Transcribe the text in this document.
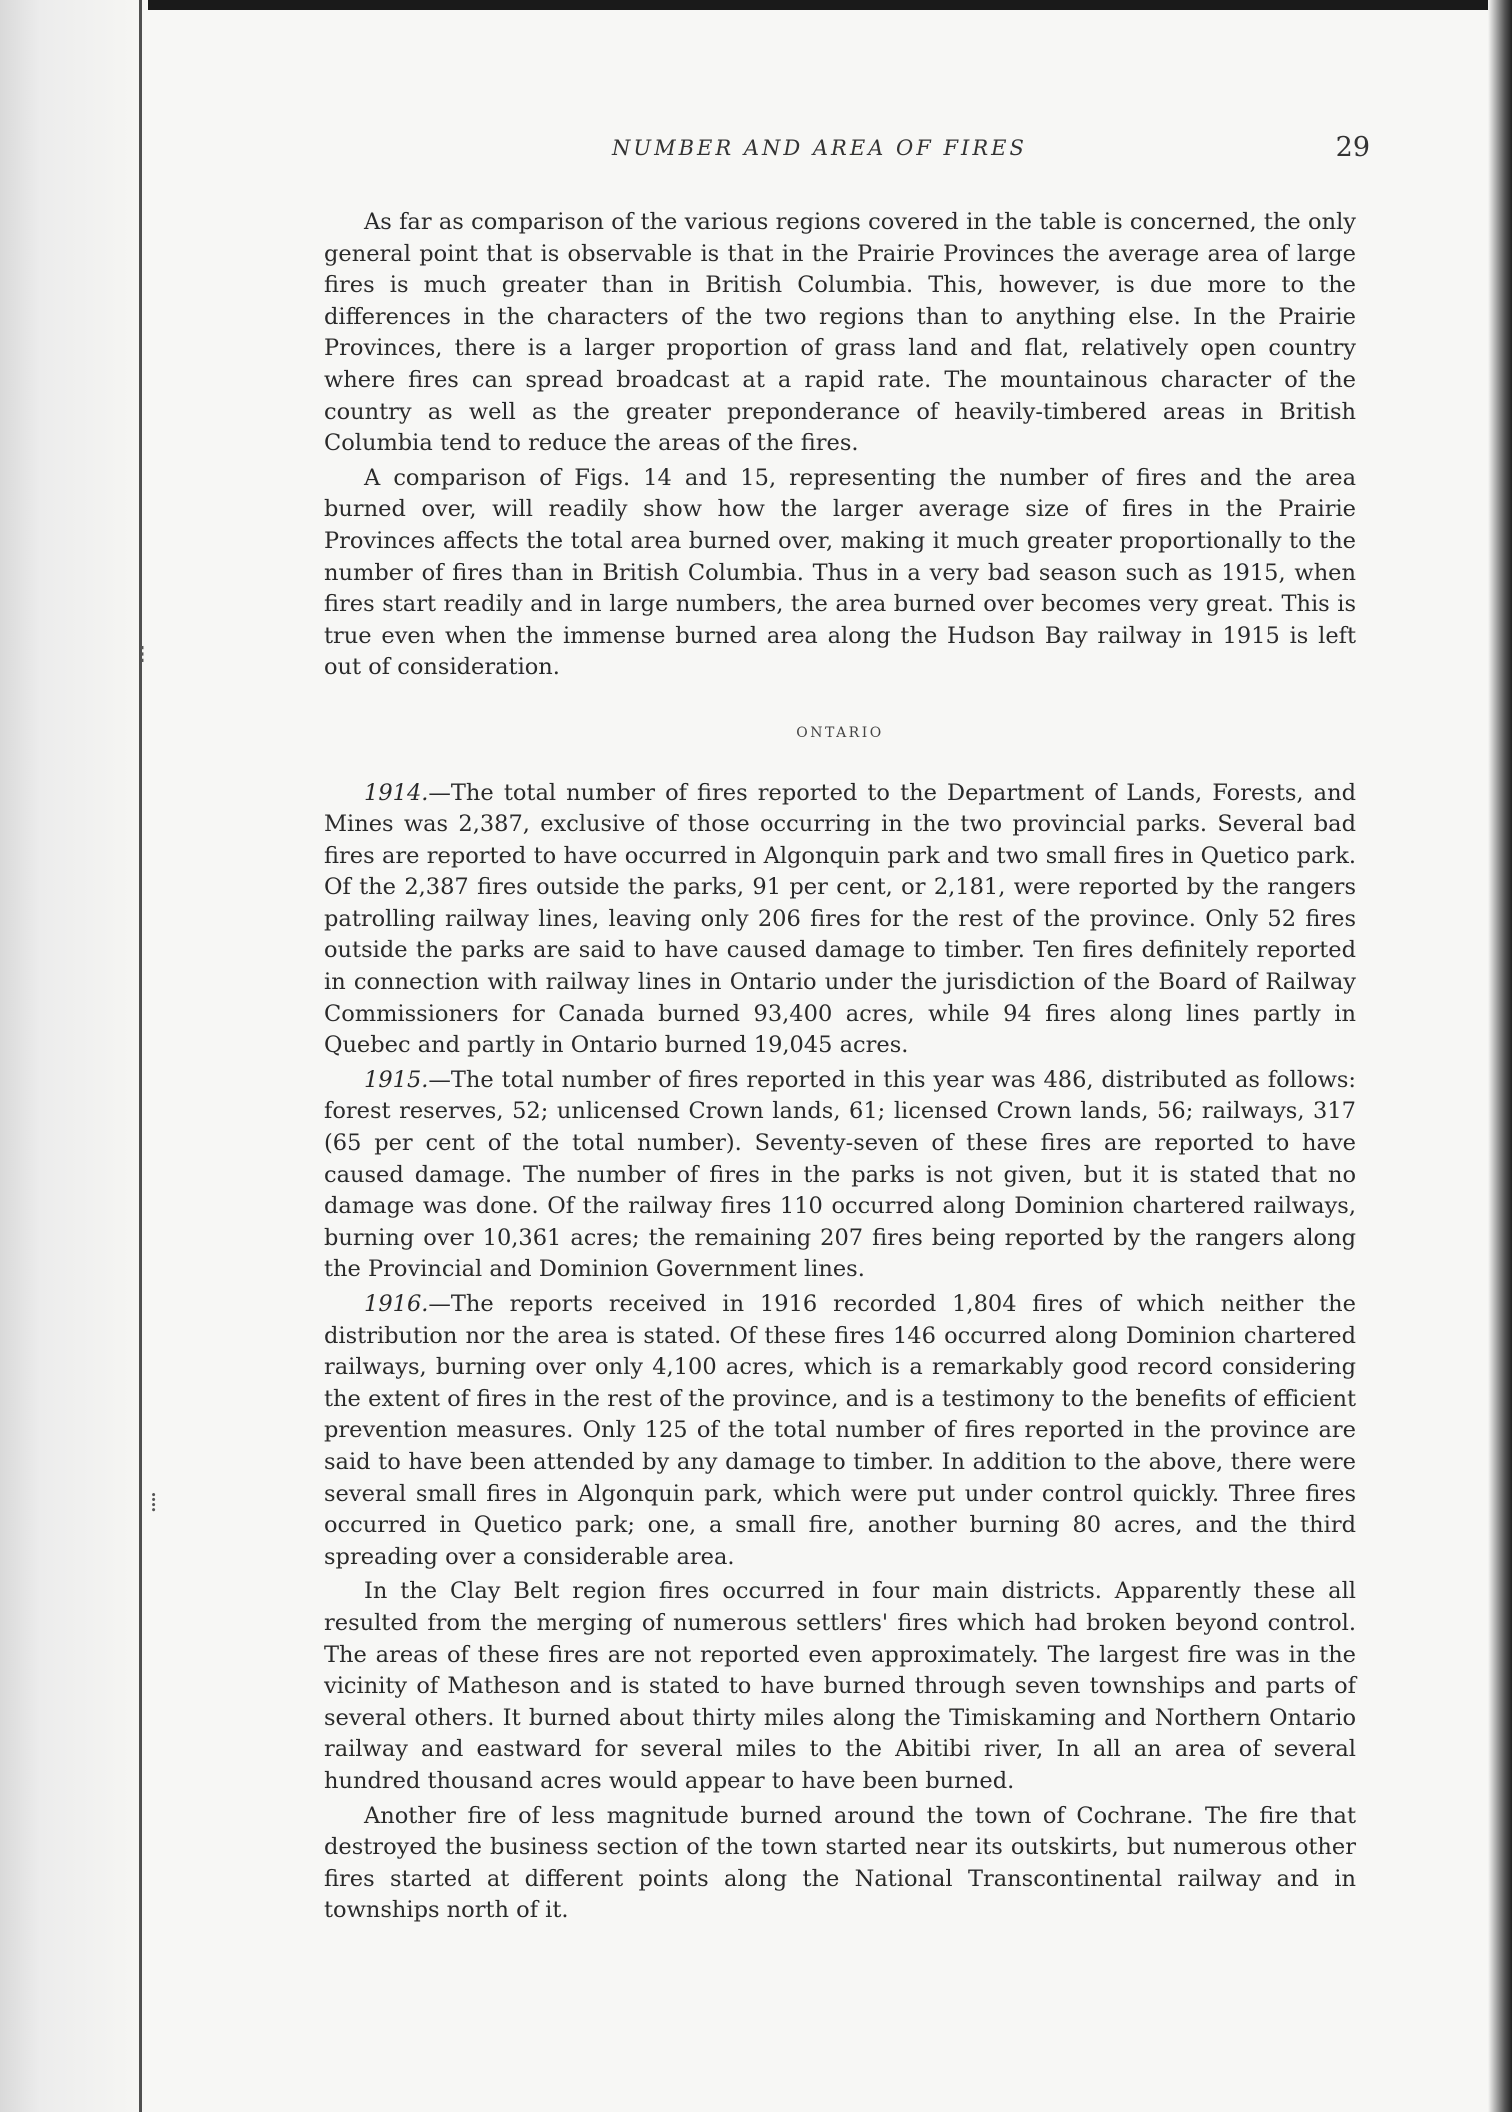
⁝
⁞
NUMBER AND AREA OF FIRES	29

As far as comparison of the various regions covered in the table is concerned, the only general point that is observable is that in the Prairie Provinces the average area of large fires is much greater than in British Columbia. This, however, is due more to the differences in the characters of the two regions than to anything else. In the Prairie Provinces, there is a larger proportion of grass land and flat, relatively open country where fires can spread broadcast at a rapid rate. The mountainous character of the country as well as the greater preponderance of heavily-timbered areas in British Columbia tend to reduce the areas of the fires.

A comparison of Figs. 14 and 15, representing the number of fires and the area burned over, will readily show how the larger average size of fires in the Prairie Provinces affects the total area burned over, making it much greater proportionally to the number of fires than in British Columbia. Thus in a very bad season such as 1915, when fires start readily and in large numbers, the area burned over becomes very great. This is true even when the immense burned area along the Hudson Bay railway in 1915 is left out of consideration.

ONTARIO

1914.—The total number of fires reported to the Department of Lands, Forests, and Mines was 2,387, exclusive of those occurring in the two provincial parks. Several bad fires are reported to have occurred in Algonquin park and two small fires in Quetico park. Of the 2,387 fires outside the parks, 91 per cent, or 2,181, were reported by the rangers patrolling railway lines, leaving only 206 fires for the rest of the province. Only 52 fires outside the parks are said to have caused damage to timber. Ten fires definitely reported in connection with railway lines in Ontario under the jurisdiction of the Board of Railway Commissioners for Canada burned 93,400 acres, while 94 fires along lines partly in Quebec and partly in Ontario burned 19,045 acres.

1915.—The total number of fires reported in this year was 486, distributed as follows: forest reserves, 52; unlicensed Crown lands, 61; licensed Crown lands, 56; railways, 317 (65 per cent of the total number). Seventy-seven of these fires are reported to have caused damage. The number of fires in the parks is not given, but it is stated that no damage was done. Of the railway fires 110 occurred along Dominion chartered railways, burning over 10,361 acres; the remaining 207 fires being reported by the rangers along the Provincial and Dominion Government lines.

1916.—The reports received in 1916 recorded 1,804 fires of which neither the distribution nor the area is stated. Of these fires 146 occurred along Dominion chartered railways, burning over only 4,100 acres, which is a remarkably good record considering the extent of fires in the rest of the province, and is a testimony to the benefits of efficient prevention measures. Only 125 of the total number of fires reported in the province are said to have been attended by any damage to timber. In addition to the above, there were several small fires in Algonquin park, which were put under control quickly. Three fires occurred in Quetico park; one, a small fire, another burning 80 acres, and the third spreading over a considerable area.

In the Clay Belt region fires occurred in four main districts. Apparently these all resulted from the merging of numerous settlers' fires which had broken beyond control. The areas of these fires are not reported even approximately. The largest fire was in the vicinity of Matheson and is stated to have burned through seven townships and parts of several others. It burned about thirty miles along the Timiskaming and Northern Ontario railway and eastward for several miles to the Abitibi river, In all an area of several hundred thousand acres would appear to have been burned.

Another fire of less magnitude burned around the town of Cochrane. The fire that destroyed the business section of the town started near its outskirts, but numerous other fires started at different points along the National Transcontinental railway and in townships north of it.
